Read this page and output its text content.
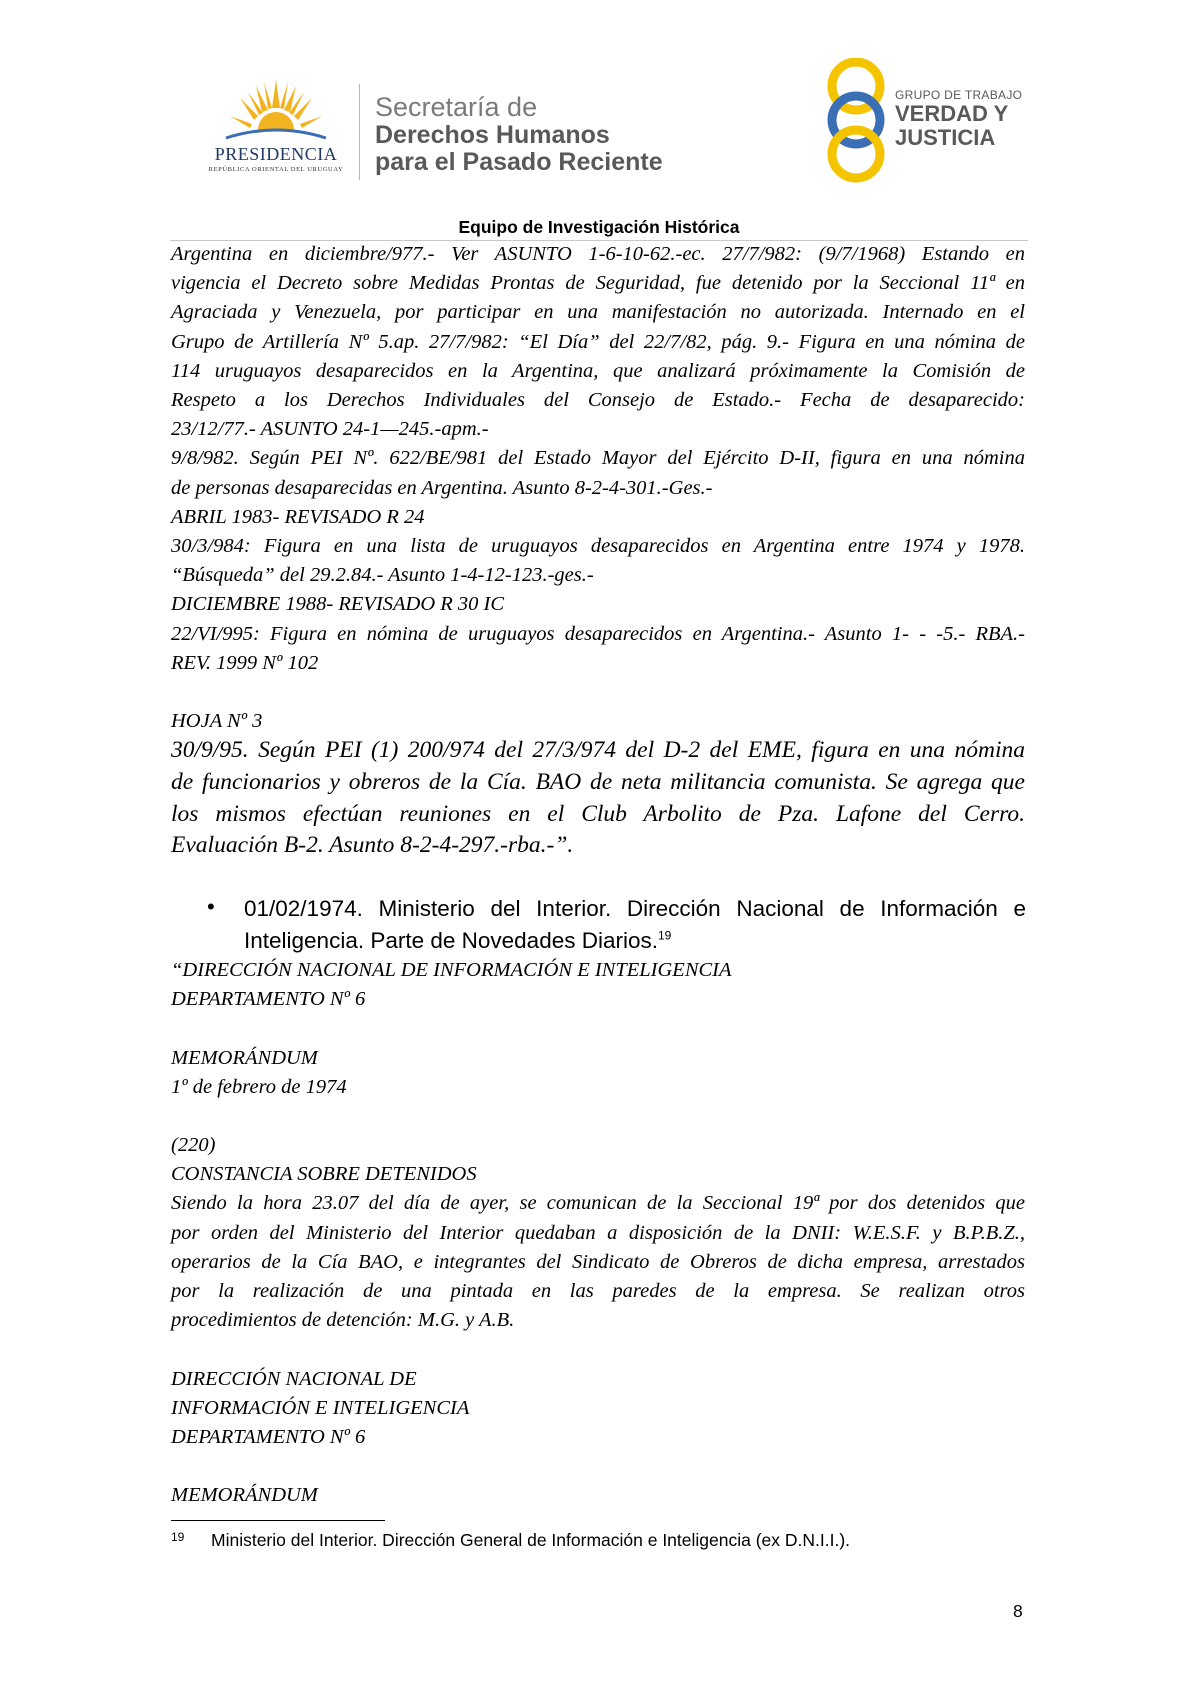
PRESIDENCIA
REPÚBLICA ORIENTAL DEL URUGUAY
Secretaría de
Derechos Humanos
para el Pasado Reciente
GRUPO DE TRABAJO
VERDAD Y
JUSTICIA
Equipo de Investigación Histórica
Argentina en diciembre/977.- Ver ASUNTO 1-6-10-62.-ec. 27/7/982: (9/7/1968) Estando en
vigencia el Decreto sobre Medidas Prontas de Seguridad, fue detenido por la Seccional 11ª en
Agraciada y Venezuela, por participar en una manifestación no autorizada. Internado en el
Grupo de Artillería Nº 5.ap. 27/7/982: “El Día” del 22/7/82, pág. 9.- Figura en una nómina de
114 uruguayos desaparecidos en la Argentina, que analizará próximamente la Comisión de
Respeto a los Derechos Individuales del Consejo de Estado.- Fecha de desaparecido:
23/12/77.- ASUNTO 24-1—245.-apm.-
9/8/982. Según PEI Nº. 622/BE/981 del Estado Mayor del Ejército D-II, figura en una nómina
de personas desaparecidas en Argentina. Asunto 8-2-4-301.-Ges.-
ABRIL 1983- REVISADO R 24
30/3/984: Figura en una lista de uruguayos desaparecidos en Argentina entre 1974 y 1978.
“Búsqueda” del 29.2.84.- Asunto 1-4-12-123.-ges.-
DICIEMBRE 1988- REVISADO R 30 IC
22/VI/995: Figura en nómina de uruguayos desaparecidos en Argentina.- Asunto 1- - -5.- RBA.-
REV. 1999 Nº 102
HOJA Nº 3
30/9/95. Según PEI (1) 200/974 del 27/3/974 del D-2 del EME, figura en una nómina
de funcionarios y obreros de la Cía. BAO de neta militancia comunista. Se agrega que
los mismos efectúan reuniones en el Club Arbolito de Pza. Lafone del Cerro.
Evaluación B-2. Asunto 8-2-4-297.-rba.-”.
• 01/02/1974. Ministerio del Interior. Dirección Nacional de Información e
Inteligencia. Parte de Novedades Diarios.$^{19}$
“DIRECCIÓN NACIONAL DE INFORMACIÓN E INTELIGENCIA
DEPARTAMENTO Nº 6
MEMORÁNDUM
1º de febrero de 1974
(220)
CONSTANCIA SOBRE DETENIDOS
Siendo la hora 23.07 del día de ayer, se comunican de la Seccional 19ª por dos detenidos que
por orden del Ministerio del Interior quedaban a disposición de la DNII: W.E.S.F. y B.P.B.Z.,
operarios de la Cía BAO, e integrantes del Sindicato de Obreros de dicha empresa, arrestados
por la realización de una pintada en las paredes de la empresa. Se realizan otros
procedimientos de detención: M.G. y A.B.
DIRECCIÓN NACIONAL DE
INFORMACIÓN E INTELIGENCIA
DEPARTAMENTO Nº 6
MEMORÁNDUM
19 Ministerio del Interior. Dirección General de Información e Inteligencia (ex D.N.I.I.).
8
